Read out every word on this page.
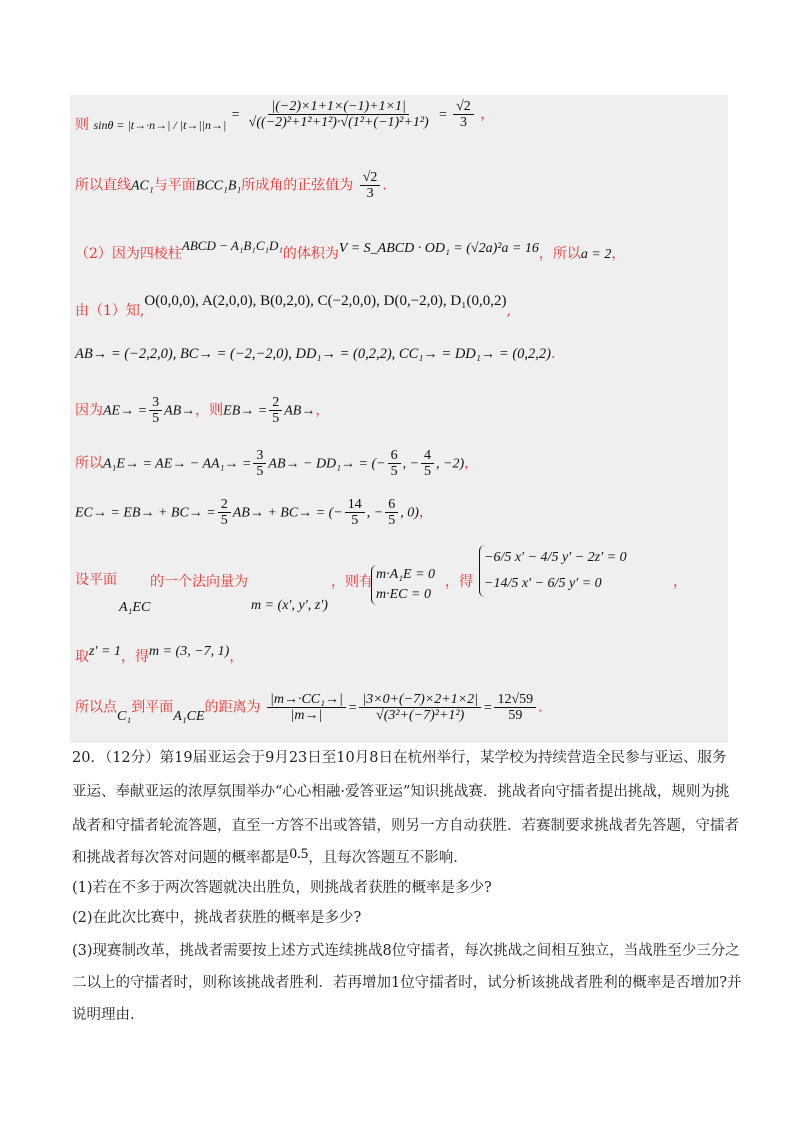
则 $\sin\theta = |t\to\cdot n\to| / |t\to||n\to| = \frac{|(-2)\times 1+1\times(-1)+1\times 1|}{\text{√((−2)²+1²+1²)·√(1²+(−1)²+1²)}} = \frac{√2}{3}$ ，
所以直线AC₁与平面BCC₁B₁所成角的正弦值为 $\frac{√2}{3}$ .
（2）因为四棱柱ABCD − A₁B₁C₁D₁的体积为V = S_ABCD · OD₁ = (√2a)²a = 16，所以a = 2，
由（1）知,O(0,0,0), A(2,0,0), B(0,2,0), C(−2,0,0), D(0,−2,0), D₁(0,0,2),
AB→ = (−2,2,0), BC→ = (−2,−2,0), DD₁→ = (0,2,2), CC₁→ = DD₁→ = (0,2,2).
因为$AE\to = \frac{3}{5} AB\to$，则$EB\to = \frac{2}{5} AB\to$，
所以$A_1E\to = AE\to - AA_1\to = \frac{3}{5} AB\to - DD_1\to$ = (− $\frac{6}{5}$ , − $\frac{4}{5}$ , −2)，
$EC\to = EB\to + BC\to = \frac{2}{5} AB\to + BC\to$ = (− $\frac{14}{5}$ , − $\frac{6}{5}$ , 0)，
设平面
A₁EC
的一个法向量为
m = (x′, y′, z′)
，则有 m·A₁E = 0
m·EC = 0
，得
−6/5 x′ − 4/5 y′ − 2z′ = 0
−14/5 x′ − 6/5 y′ = 0	，
取z′ = 1，得m = (3, −7, 1)，
所以点C₁到平面A₁CE的距离为 $\frac{\text{|m→·CC₁→|}}{|m\to|} = \frac{|3\times 0+(-7)\times 2+1\times 2|}{\text{√(3²+(−7)²+1²)}} = \frac{12√59}{59}$ .
20．（12分）第19届亚运会于9月23日至10月8日在杭州举行，某学校为持续营造全民参与亚运、服务
亚运、奉献亚运的浓厚氛围举办“心心相融·爱答亚运”知识挑战赛．挑战者向守擂者提出挑战，规则为挑
战者和守擂者轮流答题，直至一方答不出或答错，则另一方自动获胜．若赛制要求挑战者先答题，守擂者
和挑战者每次答对问题的概率都是0.5，且每次答题互不影响．
(1)若在不多于两次答题就决出胜负，则挑战者获胜的概率是多少?
(2)在此次比赛中，挑战者获胜的概率是多少?
(3)现赛制改革，挑战者需要按上述方式连续挑战8位守擂者，每次挑战之间相互独立，当战胜至少三分之
二以上的守擂者时，则称该挑战者胜利．若再增加1位守擂者时，试分析该挑战者胜利的概率是否增加?并
说明理由.
